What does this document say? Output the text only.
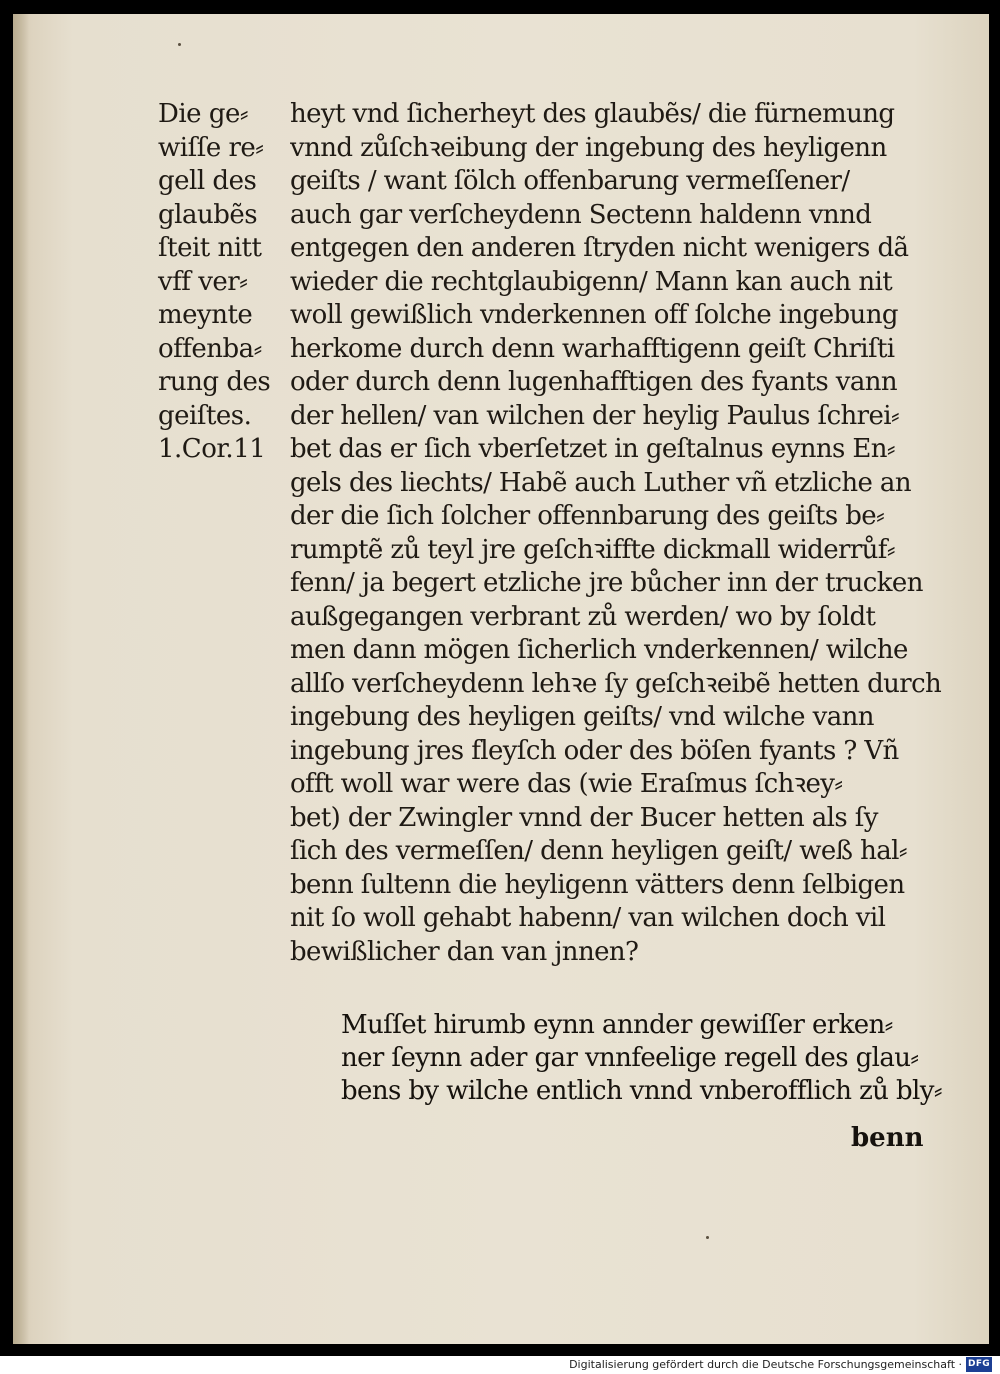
Die ge⸗
wiſſe re⸗
gell des
glaubẽs
ſteit nitt
vff ver⸗
meynte
offenba⸗
rung des
geiſtes.
1.Cor.11
heyt vnd ſicherheyt des glaubẽs/ die fürnemung
vnnd zůſchꝛeibung der ingebung des heyligenn
geiſts / want ſölch offenbarung vermeſſener/
auch gar verſcheydenn Sectenn haldenn vnnd
entgegen den anderen ſtryden nicht wenigers dã
wieder die rechtglaubigenn/ Mann kan auch nit
woll gewißlich vnderkennen off ſolche ingebung
herkome durch denn warhafftigenn geiſt Chriſti
oder durch denn lugenhafftigen des fyants vann
der hellen/ van wilchen der heylig Paulus ſchrei⸗
bet das er ſich vberſetzet in geſtalnus eynns En⸗
gels des liechts/ Habẽ auch Luther vñ etzliche an
der die ſich ſolcher offennbarung des geiſts be⸗
rumptẽ zů teyl jre geſchꝛiffte dickmall widerrůf⸗
fenn/ ja begert etzliche jre bůcher inn der trucken
außgegangen verbrant zů werden/ wo by ſoldt
men dann mögen ſicherlich vnderkennen/ wilche
allſo verſcheydenn lehꝛe ſy geſchꝛeibẽ hetten durch
ingebung des heyligen geiſts/ vnd wilche vann
ingebung jres fleyſch oder des böſen fyants ? Vñ
offt woll war were das (wie Eraſmus ſchꝛey⸗
bet) der Zwingler vnnd der Bucer hetten als ſy
ſich des vermeſſen/ denn heyligen geiſt/ weß hal⸗
benn ſultenn die heyligenn vätters denn ſelbigen
nit ſo woll gehabt habenn/ van wilchen doch vil
bewißlicher dan van jnnen?
Muſſet hirumb eynn annder gewiſſer erken⸗
ner ſeynn ader gar vnnfeelige regell des glau⸗
bens by wilche entlich vnnd vnberofflich zů bly⸗
benn
Digitalisierung gefördert durch die Deutsche Forschungsgemeinschaft · DFG
